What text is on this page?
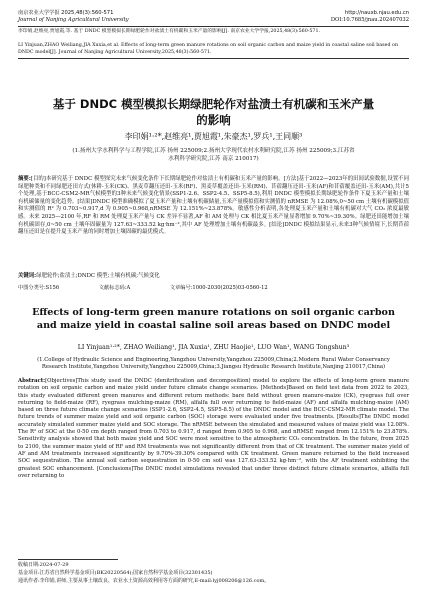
南京农业大学学报 2025,48(3):560-571	http://nauxb.njau.edu.cn
Journal of Nanjing Agricultural University	DOI:10.7685/jnau.202407032
李印娟,赵维亮,贾旭霞,等. 基于 DNDC 模型模拟长期绿肥轮作对盐渍土有机碳和玉米产量的影响[J]. 南京农业大学学报,2025,48(3):560-571.
LI Yinjuan,ZHAO Weiliang,JIA Xuxia,et al. Effects of long-term green manure rotations on soil organic carbon and maize yield in coastal saline soil based on DNDC model[J]. Journal of Nanjing Agricultural University,2025,48(3):560-571.
基于 DNDC 模型模拟长期绿肥轮作对盐渍土有机碳和玉米产量的影响
李印娟¹·²*,赵维亮¹,贾旭霞¹,朱豪杰¹,罗兵¹,王同顺³
(1.扬州大学水利科学与工程学院,江苏 扬州 225009;2.扬州大学现代农村水利研究院,江苏 扬州 225009;3.江苏省水利科学研究院,江苏 南京 210017)
摘要:[目的]本研究基于 DNDC 模型探究未来气候变化条件下长期绿肥轮作对盐渍土有机碳和玉米产量的影响。[方法]基于2022—2023年的田间试验数据,设置不同绿肥种类和不同绿肥还田方式(休耕-玉米(CK)、黑麦草翻压还田-玉米(RF)、黑麦草覆盖还田-玉米(RM)、苜蓿翻压还田-玉米(AF)和苜蓿覆盖还田-玉米(AM),共计5个处理,基于BCC-CSM2-MR气候模型的3种未来气候变化情景(SSP1-2.6、SSP2-4.5、SSP5-8.5),利用 DNDC 模型模拟长期绿肥轮作条件下夏玉米产量和土壤有机碳储量的变化趋势。[结果]DNDC 模型准确模拟了夏玉米产量和土壤有机碳储量,玉米产量模拟值和实测值的 nRMSE 为 12.08%,0~50 cm 土壤有机碳模拟值和实测值的 R² 为 0.703~0.917,d 为 0.905~0.968,nRMSE 为 12.151%~23.878%。敏感性分析表明,各处理夏玉米产量和土壤有机碳对大气 CO₂ 浓度最敏感。未来 2025—2100 年,RF 和 RM 处理夏玉米产量与 CK 差异不显著,AF 和 AM 处理与 CK 相比夏玉米产量显著增加 9.70%~39.30%。绿肥还田能增加土壤有机碳固存,0~50 cm 土壤年固碳量为 127.63~333.52 kg·hm⁻²,其中 AF 处理增加土壤有机碳最多。[结论]DNDC 模拟结果显示,未来3种气候情境下,长期苜蓿翻压还田是在提升夏玉米产量的同时增加土壤固碳的最优模式。
关键词:绿肥轮作;盐渍土;DNDC 模型;土壤有机碳;气候变化
中图分类号:S156	文献标志码:A	文章编号:1000-2030(2025)03-0560-12
Effects of long-term green manure rotations on soil organic carbon and maize yield in coastal saline soil areas based on DNDC model
LI Yinjuan¹·²*, ZHAO Weiliang¹, JIA Xuxia¹, ZHU Haojie¹, LUO Wan¹, WANG Tongshun³
(1.College of Hydraulic Science and Engineering,Yangzhou University,Yangzhou 225009,China;2.Modern Rural Water Conservancy Research Institute,Yangzhou University,Yangzhou 225009,China;3.Jiangsu Hydraulic Research Institute,Nanjing 210017,China)
Abstract:[Objectives]This study used the DNDC (denitrification and decomposition) model to explore the effects of long-term green manure rotation on soil organic carbon and maize yield under future climate change scenarios. [Methods]Based on field test data from 2022 to 2023, this study evaluated different green manures and different return methods: bare field without green manure-maize (CK), ryegrass full over returning to field-maize (RF), ryegrass mulching-maize (RM), alfalfa full over returning to field-maize (AF) and alfalfa mulching-maize (AM) based on three future climate change scenarios (SSP1-2.6, SSP2-4.5, SSP5-8.5) of the DNDC model and the BCC-CSM2-MR climate model. The future trends of summer maize yield and soil organic carbon (SOC) storage were evaluated under five treatments. [Results]The DNDC model accurately simulated summer maize yield and SOC storage. The nRMSE between the simulated and measured values of maize yield was 12.08%. The R² of SOC at the 0-50 cm depth ranged from 0.703 to 0.917, d ranged from 0.905 to 0.968, and nRMSE ranged from 12.151% to 23.878%. Sensitivity analysis showed that both maize yield and SOC were most sensitive to the atmospheric CO₂ concentration. In the future, from 2025 to 2100, the summer maize yield of RF and RM treatments was not significantly different from that of CK treatment. The summer maize yield of AF and AM treatments increased significantly by 9.70%-39.30% compared with CK treatment. Green manure returned to the field increased SOC sequestration. The annual soil carbon sequestration in 0-50 cm soil was 127.63-333.52 kg·hm⁻², with the AF treatment exhibiting the greatest SOC enhancement. [Conclusions]The DNDC model simulations revealed that under three distinct future climate scenarios, alfalfa full over returning to
收稿日期:2024-07-29
基金项目:江苏省自然科学基金项目(BK20220564);国家自然科学基金项目(32301435)
通讯作者:李印娟,讲师,主要从事土壤改良、农业水土资源高效利用等方面的研究,E-mail:lyj008206@126.com。
